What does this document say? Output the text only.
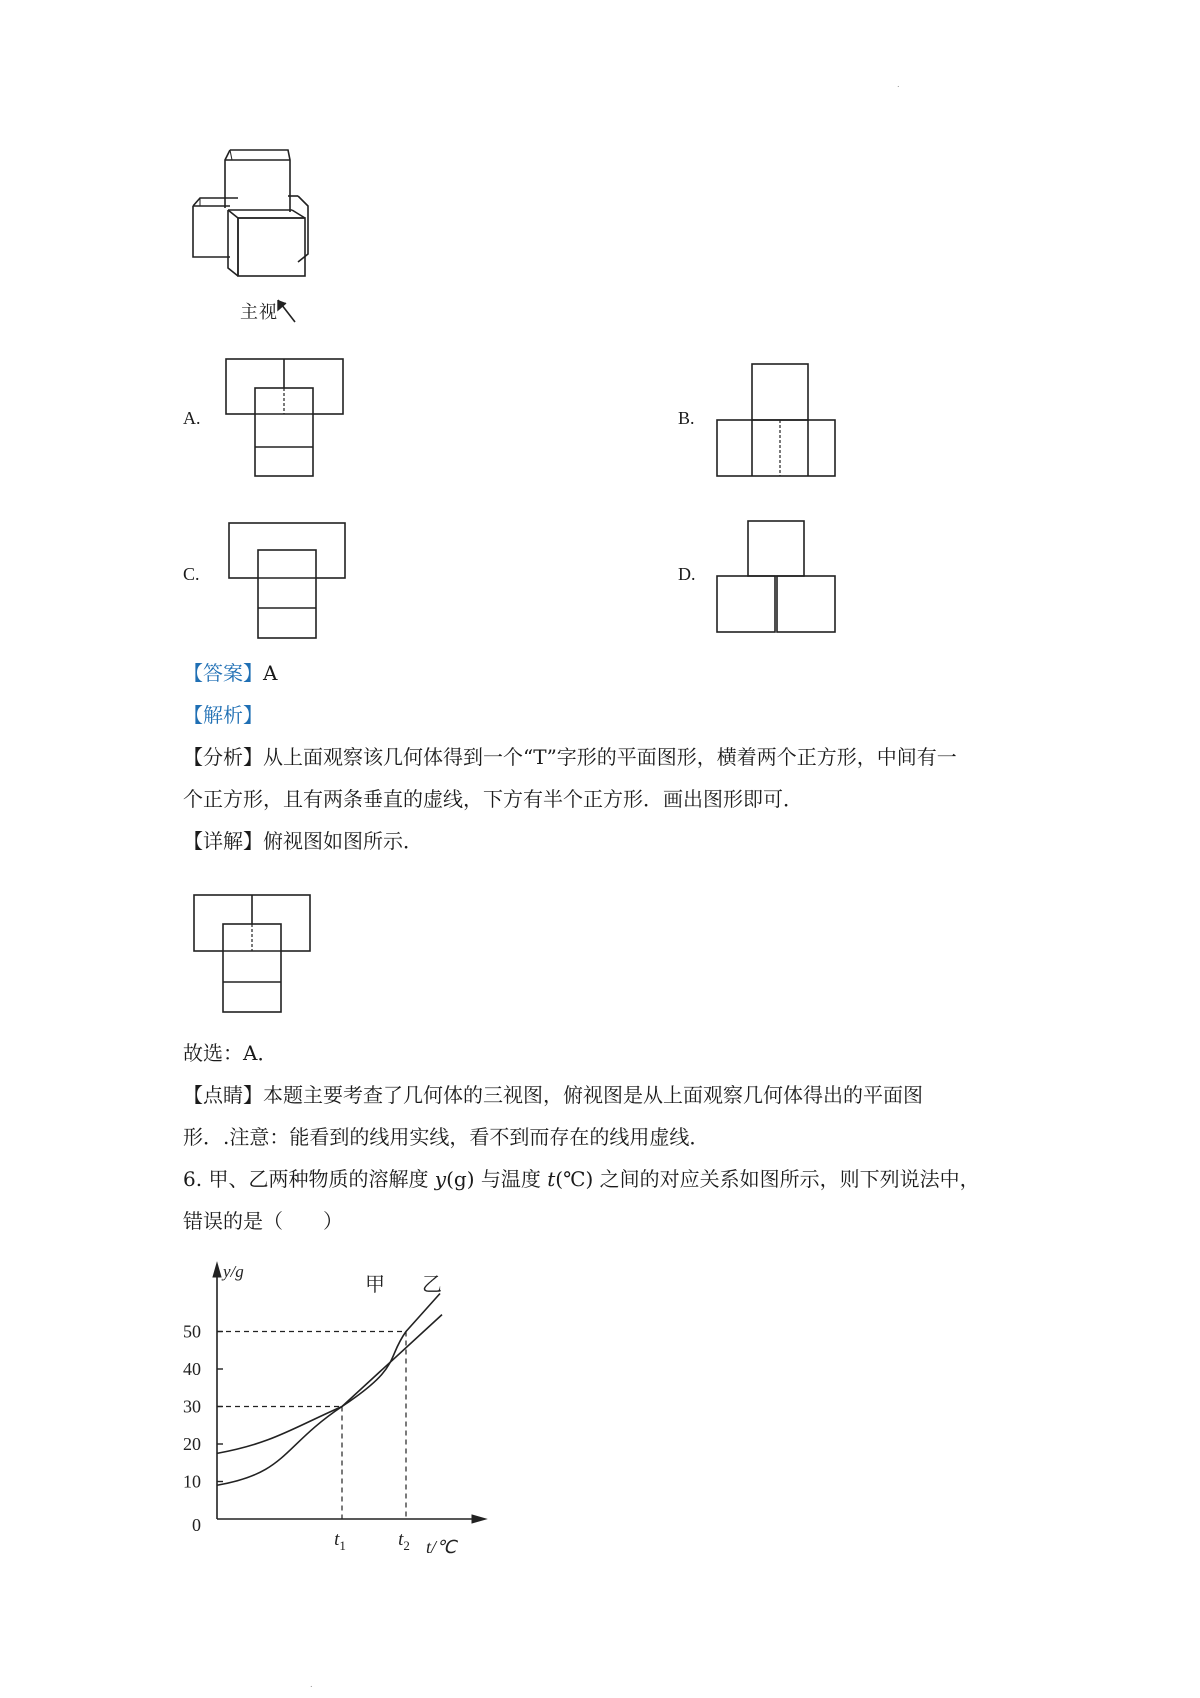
.
.
主视
A.	B.
C.	D.
【答案】A
【解析】
【分析】从上面观察该几何体得到一个“T”字形的平面图形，横着两个正方形，中间有一
个正方形，且有两条垂直的虚线，下方有半个正方形．画出图形即可．
【详解】俯视图如图所示．
故选：A．
【点睛】本题主要考查了几何体的三视图，俯视图是从上面观察几何体得出的平面图
形．.注意：能看到的线用实线，看不到而存在的线用虚线．
6. 甲、乙两种物质的溶解度 y(g) 与温度 t(℃) 之间的对应关系如图所示，则下列说法中，
错误的是（　　）
0
10
20
30
40
50
$t_1$	$t_2$
甲 乙
y/g
t/℃
